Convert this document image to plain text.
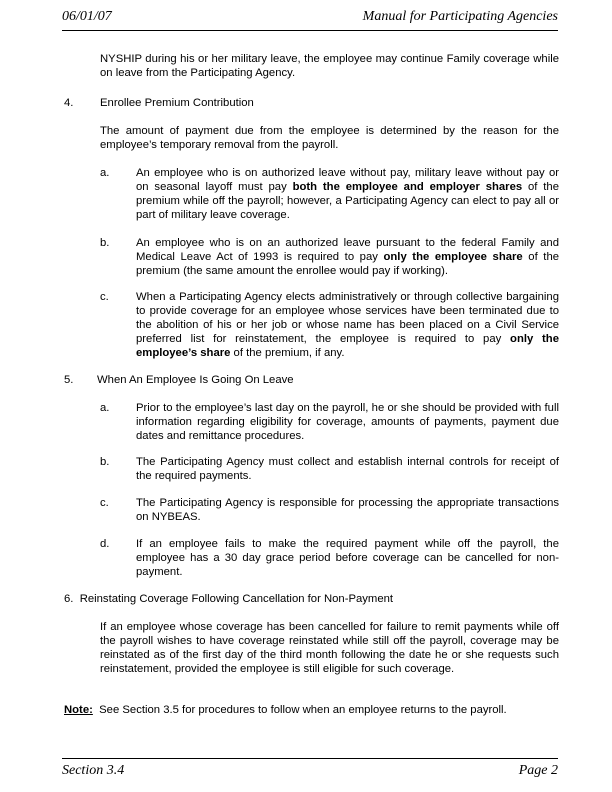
06/01/07	Manual for Participating Agencies
NYSHIP during his or her military leave, the employee may continue Family coverage while on leave from the Participating Agency.
4. Enrollee Premium Contribution
The amount of payment due from the employee is determined by the reason for the employee’s temporary removal from the payroll.
a. An employee who is on authorized leave without pay, military leave without pay or on seasonal layoff must pay both the employee and employer shares of the premium while off the payroll; however, a Participating Agency can elect to pay all or part of military leave coverage.
b. An employee who is on an authorized leave pursuant to the federal Family and Medical Leave Act of 1993 is required to pay only the employee share of the premium (the same amount the enrollee would pay if working).
c. When a Participating Agency elects administratively or through collective bargaining to provide coverage for an employee whose services have been terminated due to the abolition of his or her job or whose name has been placed on a Civil Service preferred list for reinstatement, the employee is required to pay only the employee’s share of the premium, if any.
5. When An Employee Is Going On Leave
a. Prior to the employee’s last day on the payroll, he or she should be provided with full information regarding eligibility for coverage, amounts of payments, payment due dates and remittance procedures.
b. The Participating Agency must collect and establish internal controls for receipt of the required payments.
c. The Participating Agency is responsible for processing the appropriate transactions on NYBEAS.
d. If an employee fails to make the required payment while off the payroll, the employee has a 30 day grace period before coverage can be cancelled for non-payment.
6.  Reinstating Coverage Following Cancellation for Non-Payment
If an employee whose coverage has been cancelled for failure to remit payments while off the payroll wishes to have coverage reinstated while still off the payroll, coverage may be reinstated as of the first day of the third month following the date he or she requests such reinstatement, provided the employee is still eligible for such coverage.
Note:  See Section 3.5 for procedures to follow when an employee returns to the payroll.
Section 3.4	Page 2
